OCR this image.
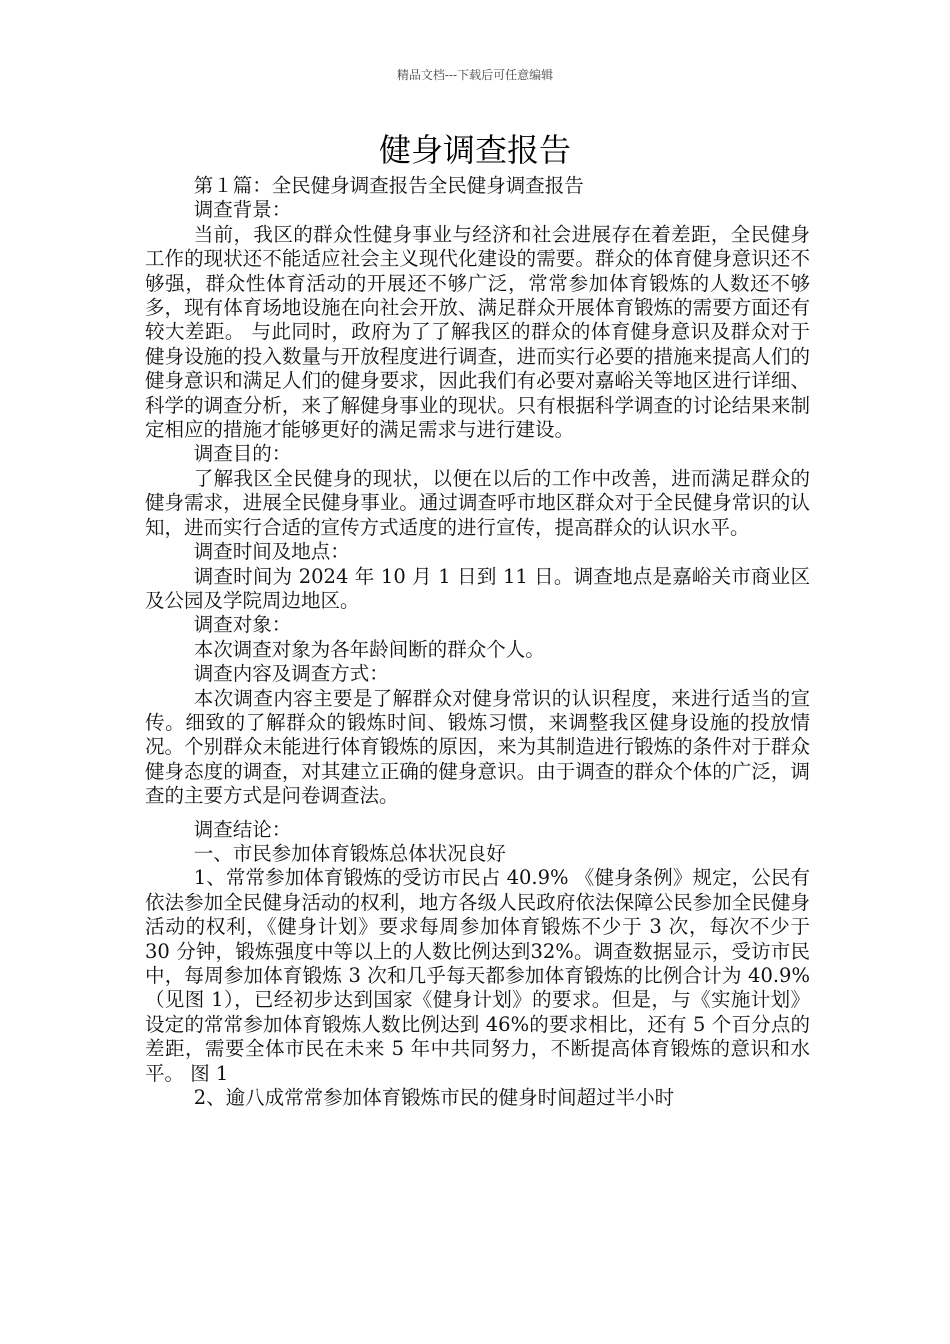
精品文档---下载后可任意编辑
健身调查报告

第１篇：全民健身调查报告全民健身调查报告

调查背景：

当前，我区的群众性健身事业与经济和社会进展存在着差距，全民健身工作的现状还不能适应社会主义现代化建设的需要。群众的体育健身意识还不够强，群众性体育活动的开展还不够广泛，常常参加体育锻炼的人数还不够多，现有体育场地设施在向社会开放、满足群众开展体育锻炼的需要方面还有较大差距。 与此同时，政府为了了解我区的群众的体育健身意识及群众对于健身设施的投入数量与开放程度进行调查，进而实行必要的措施来提高人们的健身意识和满足人们的健身要求，因此我们有必要对嘉峪关等地区进行详细、科学的调查分析，来了解健身事业的现状。只有根据科学调查的讨论结果来制定相应的措施才能够更好的满足需求与进行建设。

调查目的：

了解我区全民健身的现状，以便在以后的工作中改善，进而满足群众的健身需求，进展全民健身事业。通过调查呼市地区群众对于全民健身常识的认知，进而实行合适的宣传方式适度的进行宣传，提高群众的认识水平。

调查时间及地点：

调查时间为 2024 年 10 月 1 日到 11 日。调查地点是嘉峪关市商业区及公园及学院周边地区。

调查对象：

本次调查对象为各年龄间断的群众个人。

调查内容及调查方式：

本次调查内容主要是了解群众对健身常识的认识程度，来进行适当的宣传。细致的了解群众的锻炼时间、锻炼习惯，来调整我区健身设施的投放情况。个别群众未能进行体育锻炼的原因，来为其制造进行锻炼的条件对于群众健身态度的调查，对其建立正确的健身意识。由于调查的群众个体的广泛，调查的主要方式是问卷调查法。

调查结论：

一、市民参加体育锻炼总体状况良好

1、常常参加体育锻炼的受访市民占 40.9% 《健身条例》规定，公民有依法参加全民健身活动的权利，地方各级人民政府依法保障公民参加全民健身活动的权利，《健身计划》要求每周参加体育锻炼不少于 3 次，每次不少于 30 分钟，锻炼强度中等以上的人数比例达到32%。调查数据显示，受访市民中，每周参加体育锻炼 3 次和几乎每天都参加体育锻炼的比例合计为 40.9%（见图 1），已经初步达到国家《健身计划》的要求。但是，与《实施计划》设定的常常参加体育锻炼人数比例达到 46%的要求相比，还有 5 个百分点的差距，需要全体市民在未来 5 年中共同努力，不断提高体育锻炼的意识和水平。 图 1

2、逾八成常常参加体育锻炼市民的健身时间超过半小时
